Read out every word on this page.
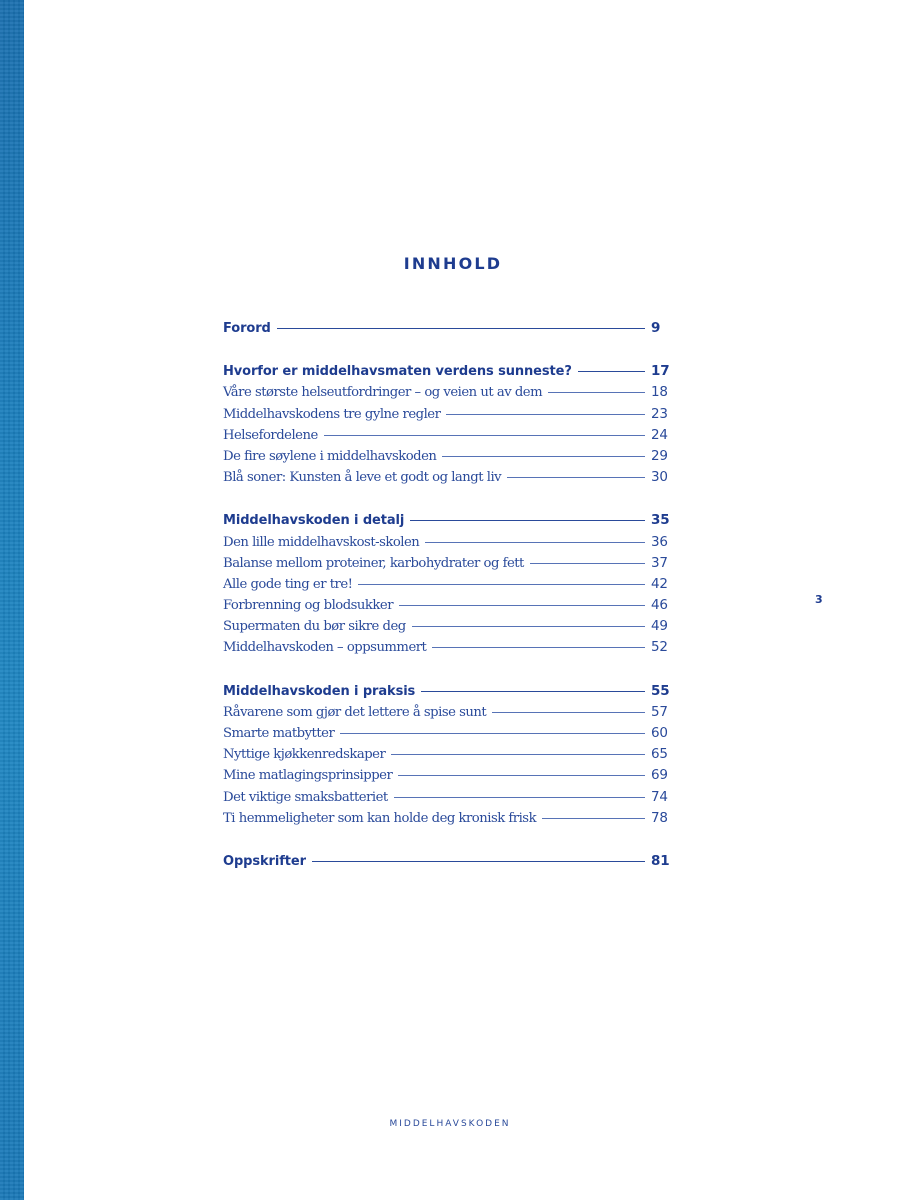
INNHOLD
Forord	9
Hvorfor er middelhavsmaten verdens sunneste?	17
Våre største helseutfordringer – og veien ut av dem	18
Middelhavskodens tre gylne regler	23
Helsefordelene	24
De fire søylene i middelhavskoden	29
Blå soner: Kunsten å leve et godt og langt liv	30
Middelhavskoden i detalj	35
Den lille middelhavskost-skolen	36
Balanse mellom proteiner, karbohydrater og fett	37
Alle gode ting er tre!	42
Forbrenning og blodsukker	46
Supermaten du bør sikre deg	49
Middelhavskoden – oppsummert	52
Middelhavskoden i praksis	55
Råvarene som gjør det lettere å spise sunt	57
Smarte matbytter	60
Nyttige kjøkkenredskaper	65
Mine matlagingsprinsipper	69
Det viktige smaksbatteriet	74
Ti hemmeligheter som kan holde deg kronisk frisk	78
Oppskrifter	81
3
MIDDELHAVSKODEN
